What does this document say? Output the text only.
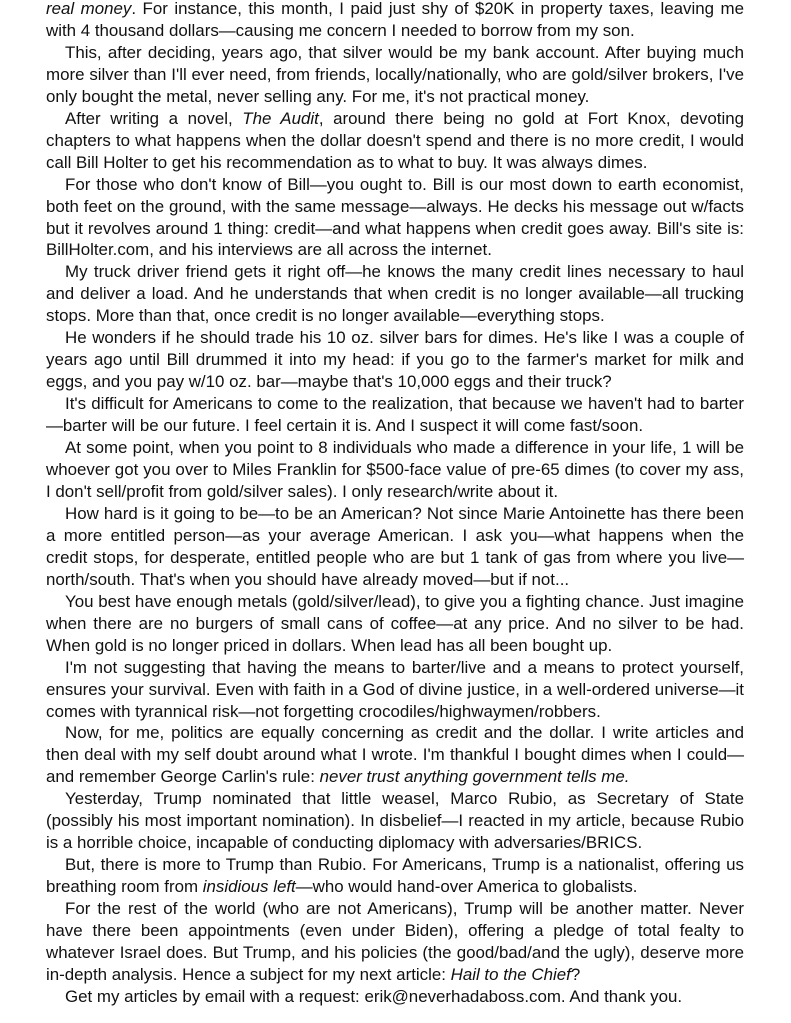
real money. For instance, this month, I paid just shy of $20K in property taxes, leaving me with 4 thousand dollars—causing me concern I needed to borrow from my son.

This, after deciding, years ago, that silver would be my bank account. After buying much more silver than I'll ever need, from friends, locally/nationally, who are gold/silver brokers, I've only bought the metal, never selling any. For me, it's not practical money.

After writing a novel, The Audit, around there being no gold at Fort Knox, devoting chapters to what happens when the dollar doesn't spend and there is no more credit, I would call Bill Holter to get his recommendation as to what to buy. It was always dimes.

For those who don't know of Bill—you ought to. Bill is our most down to earth economist, both feet on the ground, with the same message—always. He decks his message out w/facts but it revolves around 1 thing: credit—and what happens when credit goes away. Bill's site is: BillHolter.com, and his interviews are all across the internet.

My truck driver friend gets it right off—he knows the many credit lines necessary to haul and deliver a load. And he understands that when credit is no longer available—all trucking stops. More than that, once credit is no longer available—everything stops.

He wonders if he should trade his 10 oz. silver bars for dimes. He's like I was a couple of years ago until Bill drummed it into my head: if you go to the farmer's market for milk and eggs, and you pay w/10 oz. bar—maybe that's 10,000 eggs and their truck?

It's difficult for Americans to come to the realization, that because we haven't had to barter—barter will be our future. I feel certain it is. And I suspect it will come fast/soon.

At some point, when you point to 8 individuals who made a difference in your life, 1 will be whoever got you over to Miles Franklin for $500-face value of pre-65 dimes (to cover my ass, I don't sell/profit from gold/silver sales). I only research/write about it.

How hard is it going to be—to be an American? Not since Marie Antoinette has there been a more entitled person—as your average American. I ask you—what happens when the credit stops, for desperate, entitled people who are but 1 tank of gas from where you live—north/south. That's when you should have already moved—but if not...

You best have enough metals (gold/silver/lead), to give you a fighting chance. Just imagine when there are no burgers of small cans of coffee—at any price. And no silver to be had. When gold is no longer priced in dollars. When lead has all been bought up.

I'm not suggesting that having the means to barter/live and a means to protect yourself, ensures your survival. Even with faith in a God of divine justice, in a well-ordered universe—it comes with tyrannical risk—not forgetting crocodiles/highwaymen/robbers.

Now, for me, politics are equally concerning as credit and the dollar. I write articles and then deal with my self doubt around what I wrote. I'm thankful I bought dimes when I could—and remember George Carlin's rule: never trust anything government tells me.

Yesterday, Trump nominated that little weasel, Marco Rubio, as Secretary of State (possibly his most important nomination). In disbelief—I reacted in my article, because Rubio is a horrible choice, incapable of conducting diplomacy with adversaries/BRICS.

But, there is more to Trump than Rubio. For Americans, Trump is a nationalist, offering us breathing room from insidious left—who would hand-over America to globalists.

For the rest of the world (who are not Americans), Trump will be another matter. Never have there been appointments (even under Biden), offering a pledge of total fealty to whatever Israel does. But Trump, and his policies (the good/bad/and the ugly), deserve more in-depth analysis. Hence a subject for my next article: Hail to the Chief?

Get my articles by email with a request: erik@neverhadaboss.com. And thank you.
